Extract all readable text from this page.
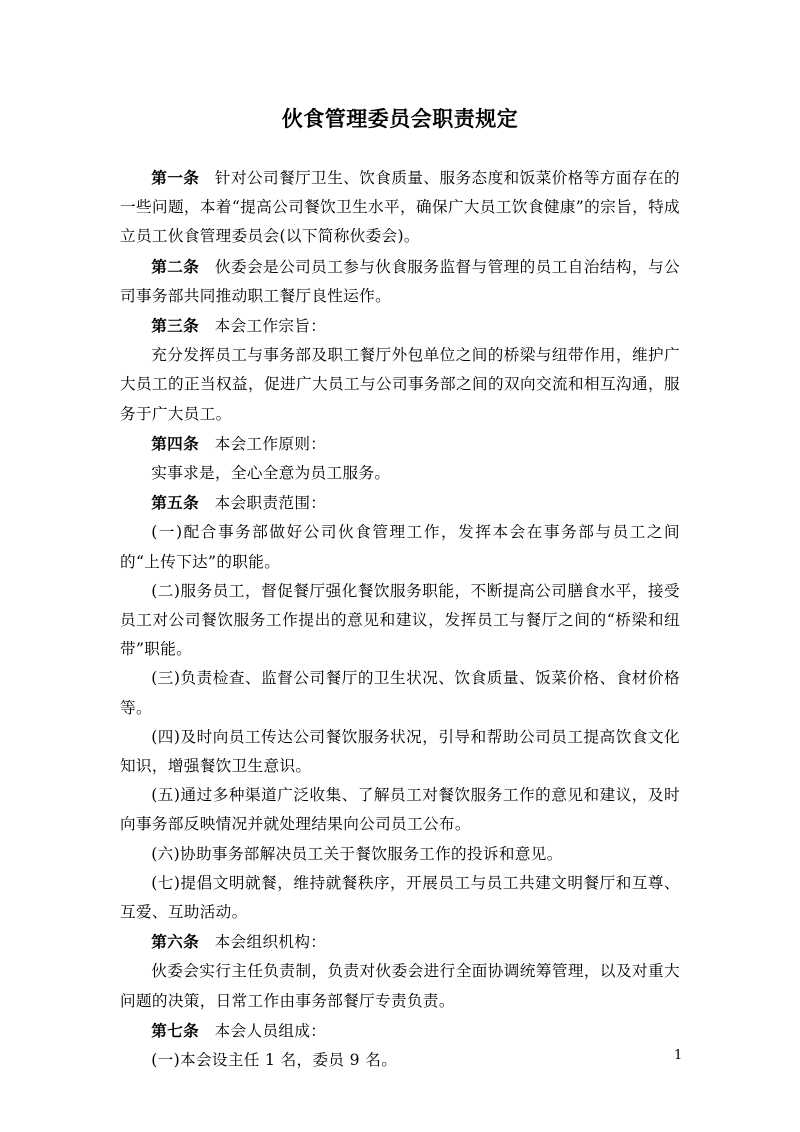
伙食管理委员会职责规定

第一条 针对公司餐厅卫生、饮食质量、服务态度和饭菜价格等方面存在的一些问题，本着“提高公司餐饮卫生水平，确保广大员工饮食健康”的宗旨，特成立员工伙食管理委员会(以下简称伙委会)。

第二条 伙委会是公司员工参与伙食服务监督与管理的员工自治结构，与公司事务部共同推动职工餐厅良性运作。

第三条 本会工作宗旨：

充分发挥员工与事务部及职工餐厅外包单位之间的桥梁与纽带作用，维护广大员工的正当权益，促进广大员工与公司事务部之间的双向交流和相互沟通，服务于广大员工。

第四条 本会工作原则：

实事求是，全心全意为员工服务。

第五条 本会职责范围：

(一)配合事务部做好公司伙食管理工作，发挥本会在事务部与员工之间的“上传下达”的职能。

(二)服务员工，督促餐厅强化餐饮服务职能，不断提高公司膳食水平，接受员工对公司餐饮服务工作提出的意见和建议，发挥员工与餐厅之间的“桥梁和纽带”职能。

(三)负责检查、监督公司餐厅的卫生状况、饮食质量、饭菜价格、食材价格等。

(四)及时向员工传达公司餐饮服务状况，引导和帮助公司员工提高饮食文化知识，增强餐饮卫生意识。

(五)通过多种渠道广泛收集、了解员工对餐饮服务工作的意见和建议，及时向事务部反映情况并就处理结果向公司员工公布。

(六)协助事务部解决员工关于餐饮服务工作的投诉和意见。

(七)提倡文明就餐，维持就餐秩序，开展员工与员工共建文明餐厅和互尊、互爱、互助活动。

第六条 本会组织机构：

伙委会实行主任负责制，负责对伙委会进行全面协调统筹管理，以及对重大问题的决策，日常工作由事务部餐厅专责负责。

第七条 本会人员组成：

(一)本会设主任 1 名，委员 9 名。	1
